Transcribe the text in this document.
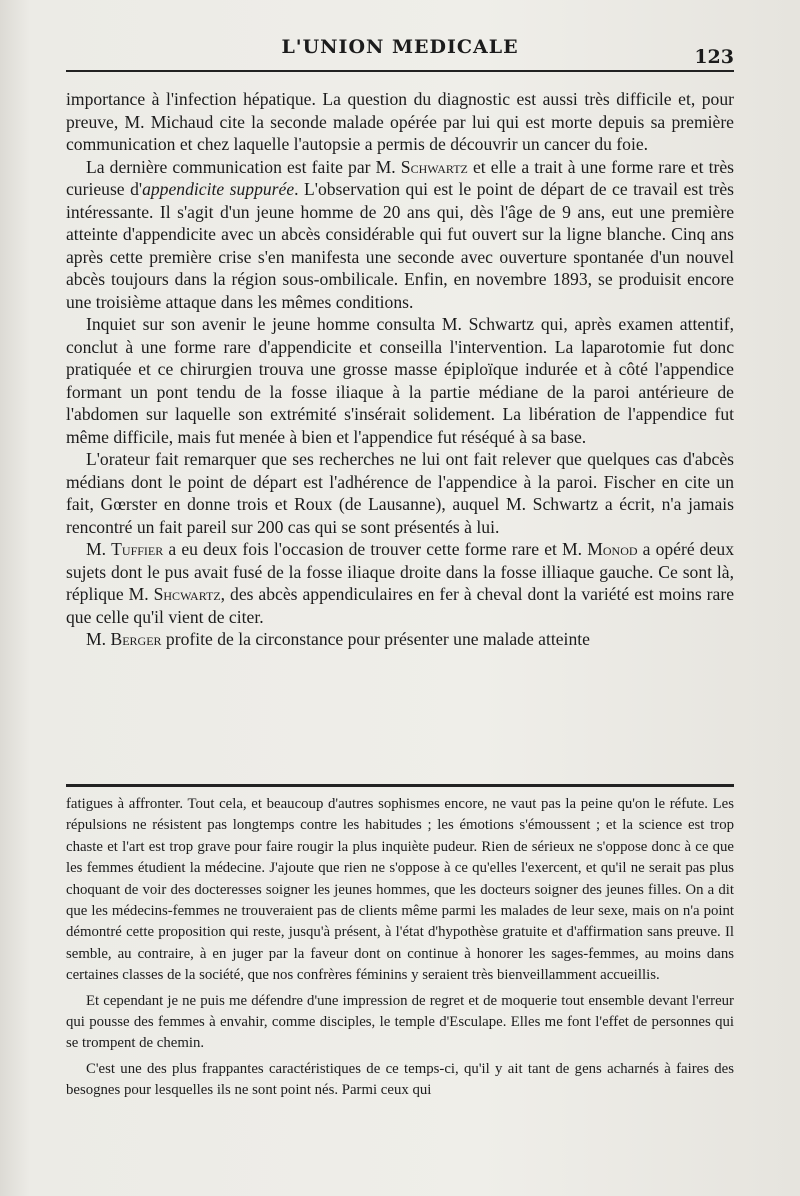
L'UNION MEDICALE	123

importance à l'infection hépatique. La question du diagnostic est aussi très difficile et, pour preuve, M. Michaud cite la seconde malade opérée par lui qui est morte depuis sa première communication et chez laquelle l'autopsie a permis de découvrir un cancer du foie.

La dernière communication est faite par M. Schwartz et elle a trait à une forme rare et très curieuse d'appendicite suppurée. L'observation qui est le point de départ de ce travail est très intéressante. Il s'agit d'un jeune homme de 20 ans qui, dès l'âge de 9 ans, eut une première atteinte d'appendicite avec un abcès considérable qui fut ouvert sur la ligne blanche. Cinq ans après cette première crise s'en manifesta une seconde avec ouverture spontanée d'un nouvel abcès toujours dans la région sous-ombilicale. Enfin, en novembre 1893, se produisit encore une troisième attaque dans les mêmes conditions.

Inquiet sur son avenir le jeune homme consulta M. Schwartz qui, après examen attentif, conclut à une forme rare d'appendicite et conseilla l'intervention. La laparotomie fut donc pratiquée et ce chirurgien trouva une grosse masse épiploïque indurée et à côté l'appendice formant un pont tendu de la fosse iliaque à la partie médiane de la paroi antérieure de l'abdomen sur laquelle son extrémité s'insérait solidement. La libération de l'appendice fut même difficile, mais fut menée à bien et l'appendice fut réséqué à sa base.

L'orateur fait remarquer que ses recherches ne lui ont fait relever que quelques cas d'abcès médians dont le point de départ est l'adhérence de l'appendice à la paroi. Fischer en cite un fait, Gœrster en donne trois et Roux (de Lausanne), auquel M. Schwartz a écrit, n'a jamais rencontré un fait pareil sur 200 cas qui se sont présentés à lui.

M. Tuffier a eu deux fois l'occasion de trouver cette forme rare et M. Monod a opéré deux sujets dont le pus avait fusé de la fosse iliaque droite dans la fosse illiaque gauche. Ce sont là, réplique M. Shcwartz, des abcès appendiculaires en fer à cheval dont la variété est moins rare que celle qu'il vient de citer.

M. Berger profite de la circonstance pour présenter une malade atteinte

fatigues à affronter. Tout cela, et beaucoup d'autres sophismes encore, ne vaut pas la peine qu'on le réfute. Les répulsions ne résistent pas longtemps contre les habitudes ; les émotions s'émoussent ; et la science est trop chaste et l'art est trop grave pour faire rougir la plus inquiète pudeur. Rien de sérieux ne s'oppose donc à ce que les femmes étudient la médecine. J'ajoute que rien ne s'oppose à ce qu'elles l'exercent, et qu'il ne serait pas plus choquant de voir des docteresses soigner les jeunes hommes, que les docteurs soigner des jeunes filles. On a dit que les médecins-femmes ne trouveraient pas de clients même parmi les malades de leur sexe, mais on n'a point démontré cette proposition qui reste, jusqu'à présent, à l'état d'hypothèse gratuite et d'affirmation sans preuve. Il semble, au contraire, à en juger par la faveur dont on continue à honorer les sages-femmes, au moins dans certaines classes de la société, que nos confrères féminins y seraient très bienveillamment accueillis.

Et cependant je ne puis me défendre d'une impression de regret et de moquerie tout ensemble devant l'erreur qui pousse des femmes à envahir, comme disciples, le temple d'Esculape. Elles me font l'effet de personnes qui se trompent de chemin.

C'est une des plus frappantes caractéristiques de ce temps-ci, qu'il y ait tant de gens acharnés à faires des besognes pour lesquelles ils ne sont point nés. Parmi ceux qui
